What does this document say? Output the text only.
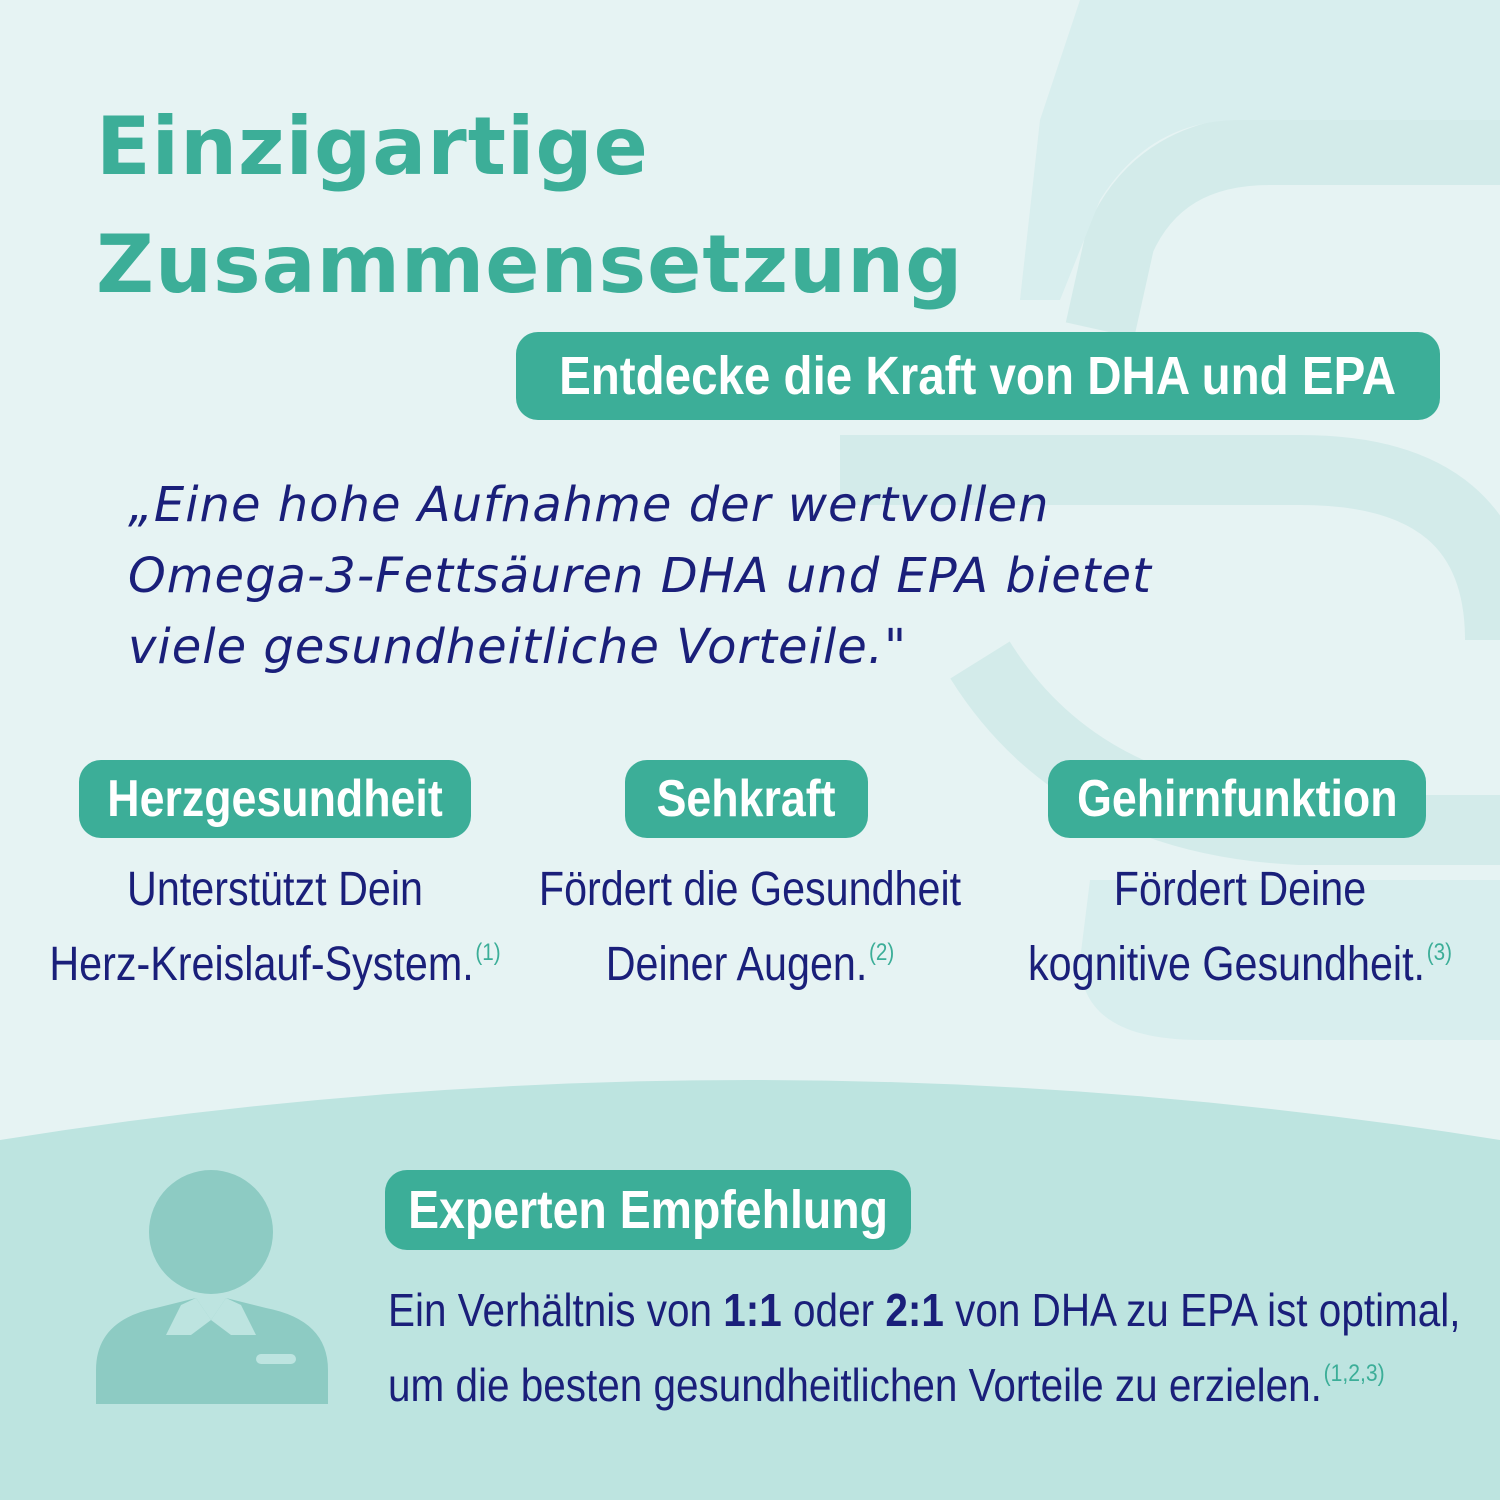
Einzigartige
Zusammensetzung
Entdecke die Kraft von DHA und EPA
„Eine hohe Aufnahme der wertvollen
Omega-3-Fettsäuren DHA und EPA bietet
viele gesundheitliche Vorteile."
Herzgesundheit	Sehkraft	Gehirnfunktion
Unterstützt Dein
Herz-Kreislauf-System.$^{(1)}$
Fördert die Gesundheit
Deiner Augen.$^{(2)}$
Fördert Deine
kognitive Gesundheit.$^{(3)}$
Experten Empfehlung
Ein Verhältnis von 1:1 oder 2:1 von DHA zu EPA ist optimal,
um die besten gesundheitlichen Vorteile zu erzielen.$^{(1,2,3)}$
